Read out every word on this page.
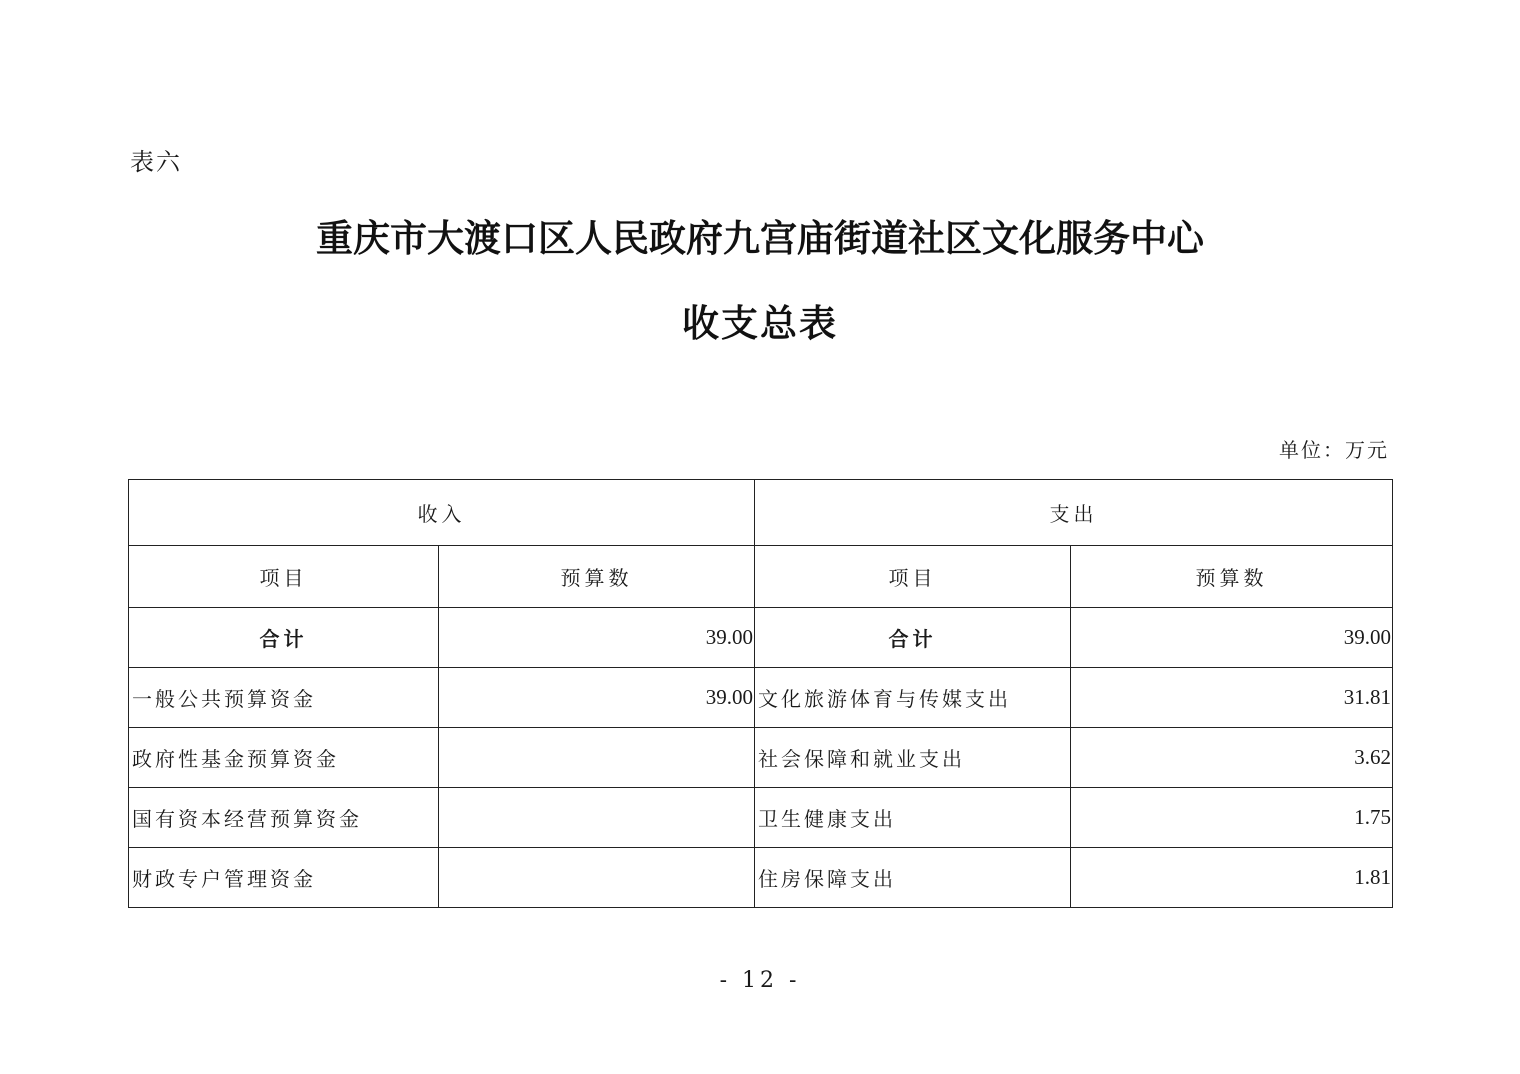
表六
重庆市大渡口区人民政府九宫庙街道社区文化服务中心
收支总表
单位：万元
收入		支出	
项目	预算数	项目	预算数
合计	39.00	合计	39.00
一般公共预算资金	39.00	文化旅游体育与传媒支出	31.81
政府性基金预算资金		社会保障和就业支出	3.62
国有资本经营预算资金		卫生健康支出	1.75
财政专户管理资金		住房保障支出	1.81
- 12 -
